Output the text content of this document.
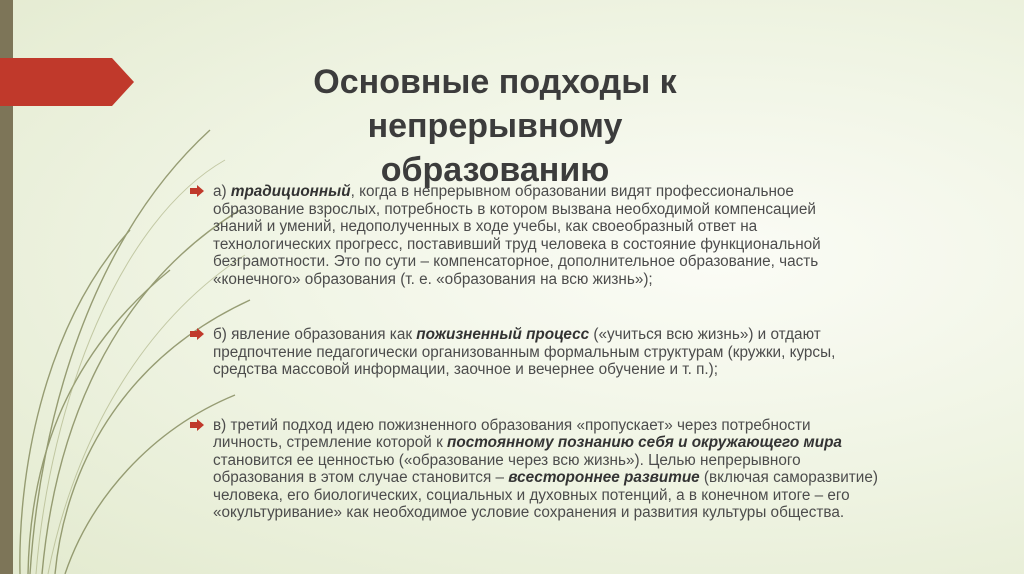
Основные подходы к непрерывному
образованию
а) традиционный, когда в непрерывном образовании видят профессиональное
образование взрослых, потребность в котором вызвана необходимой компенсацией
знаний и умений, недополученных в ходе учебы, как своеобразный ответ на
технологических прогресс, поставивший труд человека в состояние функциональной
безграмотности. Это по сути – компенсаторное, дополнительное образование, часть
«конечного» образования (т. е. «образования на всю жизнь»);
б) явление образования как пожизненный процесс («учиться всю жизнь») и отдают
предпочтение педагогически организованным формальным структурам (кружки, курсы,
средства массовой информации, заочное и вечернее обучение и т. п.);
в) третий подход идею пожизненного образования «пропускает» через потребности
личность, стремление которой к постоянному познанию себя и окружающего мира
становится ее ценностью («образование через всю жизнь»). Целью непрерывного
образования в этом случае становится – всестороннее развитие (включая саморазвитие)
человека, его биологических, социальных и духовных потенций, а в конечном итоге – его
«окультуривание» как необходимое условие сохранения и развития культуры общества.
